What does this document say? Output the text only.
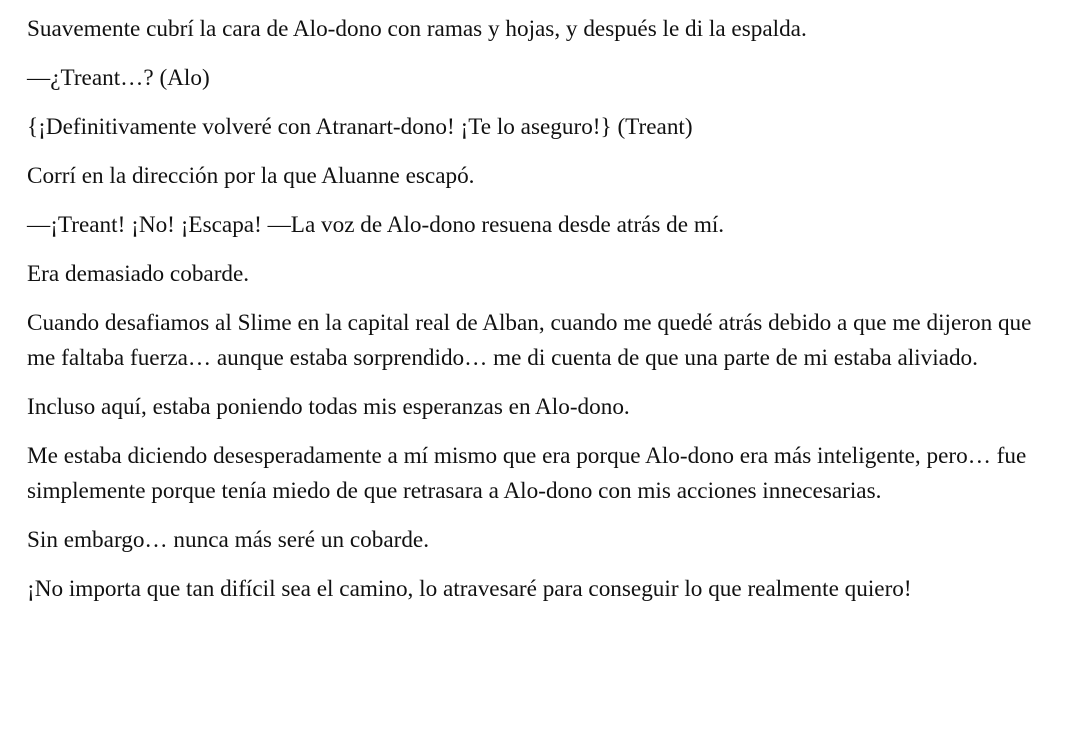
Suavemente cubrí la cara de Alo-dono con ramas y hojas, y después le di la espalda.

—¿Treant…? (Alo)

{¡Definitivamente volveré con Atranart-dono! ¡Te lo aseguro!} (Treant)

Corrí en la dirección por la que Aluanne escapó.

—¡Treant! ¡No! ¡Escapa! —La voz de Alo-dono resuena desde atrás de mí.

Era demasiado cobarde.

Cuando desafiamos al Slime en la capital real de Alban, cuando me quedé atrás debido a que me dijeron que me faltaba fuerza… aunque estaba sorprendido… me di cuenta de que una parte de mi estaba aliviado.

Incluso aquí, estaba poniendo todas mis esperanzas en Alo-dono.

Me estaba diciendo desesperadamente a mí mismo que era porque Alo-dono era más inteligente, pero… fue simplemente porque tenía miedo de que retrasara a Alo-dono con mis acciones innecesarias.

Sin embargo… nunca más seré un cobarde.

¡No importa que tan difícil sea el camino, lo atravesaré para conseguir lo que realmente quiero!
